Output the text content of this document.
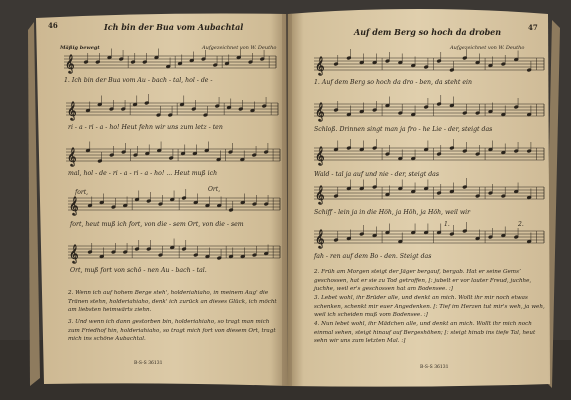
𝄞
𝄞
𝄞
𝄞
𝄞
𝄞
𝄞
𝄞
𝄞
𝄞
46	Ich bin der Bua vom Aubachtal
Mäßig bewegt	Aufgezeichnet von W. Deutho
1. Ich bin der Bua vom Au - bach - tal, hol - de -
ri - a - ri - a - ho! Heut fehn wir uns zum letz - ten
mal, hol - de - ri - a - ri - a - ho! ... Heut muß ich
fort,	Ort,
fort, heut muß ich fort, von die - sem Ort, von die - sem
Ort, muß fort von schö - nen Au - bach - tal.
2. Wenn ich auf hohem Berge steh', holderiahiaho, in meinem Aug' die Tränen stehn, holderiahiaho, denk' ich zurück an dieses Glück, ich möcht am liebsten heimwärts ziehn.
3. Und wenn ich dann gestorben bin, holderiahiaho, so tragt man mich zum Friedhof hin, holderiahiaho, so tragt mich fort von diesem Ort, tragt mich ins schöne Aubachtal.
B-S-S 36131
47
Auf dem Berg so hoch da droben
Aufgezeichnet von W. Deutho
1. Auf dem Berg so hoch da dro - ben, da steht ein
Schloß. Drinnen singt man ja fro - he Lie - der, steigt das
Wald - tal ja auf und nie - der, steigt das
Schiff - lein ja in die Höh, ja Höh, ja Höh, weil wir
1.	2.
fah - ren auf dem Bo - den. Steigt das
2. Früh am Morgen steigt der Jäger bergauf, bergab. Hat er seine Gemsʼ geschossen, hat er sie zu Tod getroffen, [: jubelt er vor lauter Freud, juchhe, juchhe, weil er's geschossen hat am Bodensee. :]
3. Lebet wohl, ihr Brüder alle, und denkt an mich. Wollt ihr mir noch etwas schenken, schenkt mir euer Angedenken. [: Tief im Herzen tut mir's weh, ja weh, weil ich scheiden muß vom Bodensee. :]
4. Nun lebet wohl, ihr Mädchen alle, und denkt an mich. Wollt ihr mich noch einmal sehen, steigt hinauf auf Bergeshöhen; [: steigt hinab ins tiefe Tal, heut sehn wir uns zum letzten Mal. :]
B-S-S 36131
